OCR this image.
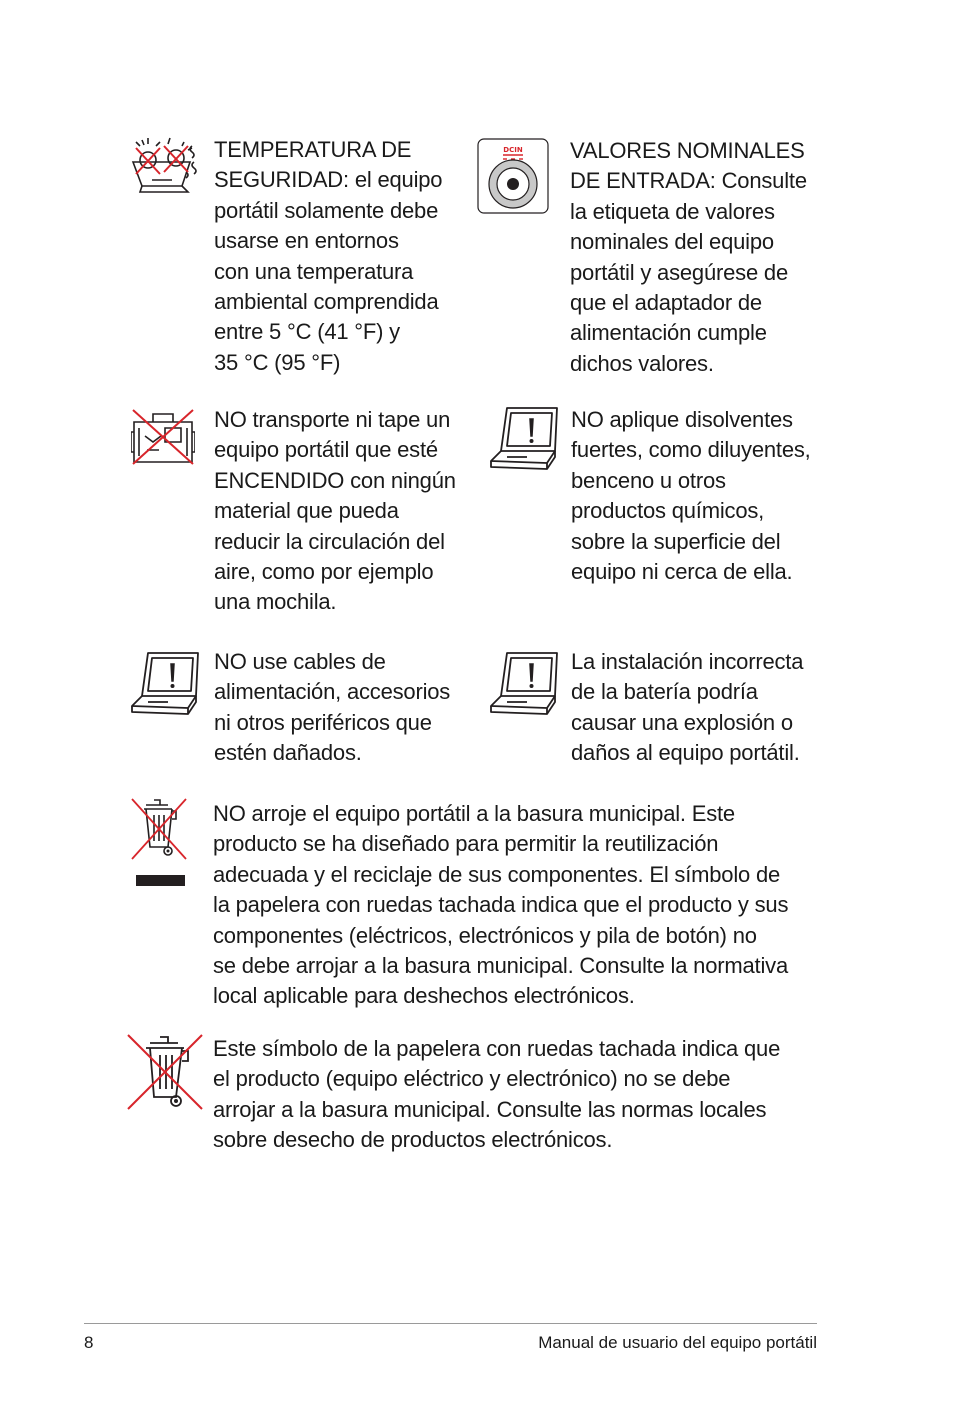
TEMPERATURA DE
SEGURIDAD: el equipo
portátil solamente debe
usarse en entornos
con una temperatura
ambiental comprendida
entre 5 °C (41 °F) y
35 °C (95 °F)
DCIN VALORES NOMINALES
DE ENTRADA: Consulte
la etiqueta de valores
nominales del equipo
portátil y asegúrese de
que el adaptador de
alimentación cumple
dichos valores.
NO transporte ni tape un
equipo portátil que esté
ENCENDIDO con ningún
material que pueda
reducir la circulación del
aire, como por ejemplo
una mochila.
NO aplique disolventes
fuertes, como diluyentes,
benceno u otros
productos químicos,
sobre la superficie del
equipo ni cerca de ella.
NO use cables de
alimentación, accesorios
ni otros periféricos que
estén dañados.
La instalación incorrecta
de la batería podría
causar una explosión o
daños al equipo portátil.
NO arroje el equipo portátil a la basura municipal. Este
producto se ha diseñado para permitir la reutilización
adecuada y el reciclaje de sus componentes. El símbolo de
la papelera con ruedas tachada indica que el producto y sus
componentes (eléctricos, electrónicos y pila de botón) no
se debe arrojar a la basura municipal. Consulte la normativa
local aplicable para deshechos electrónicos.
Este símbolo de la papelera con ruedas tachada indica que
el producto (equipo eléctrico y electrónico) no se debe
arrojar a la basura municipal. Consulte las normas locales
sobre desecho de productos electrónicos.
8	Manual de usuario del equipo portátil
